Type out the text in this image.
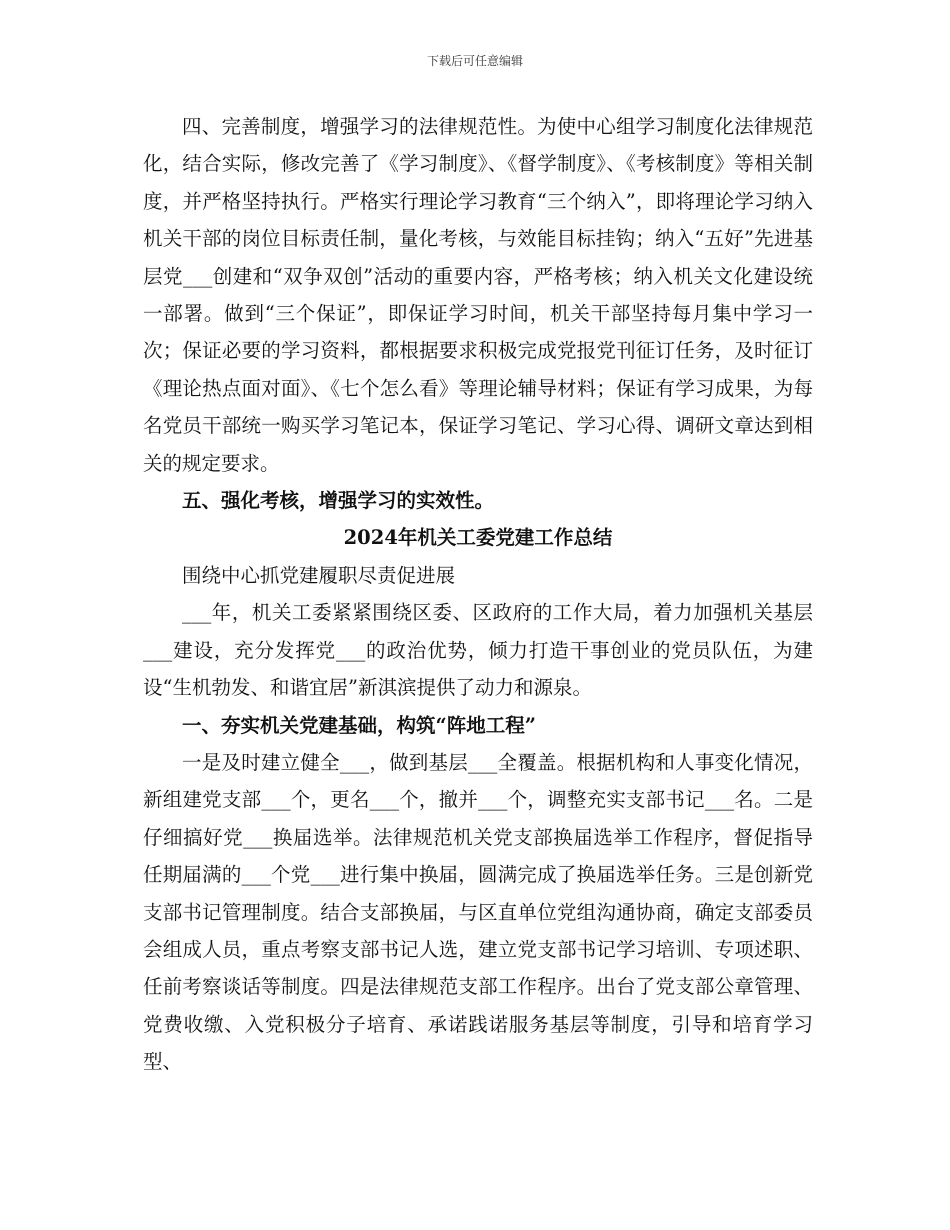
下载后可任意编辑

四、完善制度，增强学习的法律规范性。为使中心组学习制度化法律规范化，结合实际，修改完善了《学习制度》、《督学制度》、《考核制度》等相关制度，并严格坚持执行。严格实行理论学习教育“三个纳入”，即将理论学习纳入机关干部的岗位目标责任制，量化考核，与效能目标挂钩；纳入“五好”先进基层党___创建和“双争双创”活动的重要内容，严格考核；纳入机关文化建设统一部署。做到“三个保证”，即保证学习时间，机关干部坚持每月集中学习一次；保证必要的学习资料，都根据要求积极完成党报党刊征订任务，及时征订《理论热点面对面》、《七个怎么看》等理论辅导材料；保证有学习成果，为每名党员干部统一购买学习笔记本，保证学习笔记、学习心得、调研文章达到相关的规定要求。

五、强化考核，增强学习的实效性。

2024年机关工委党建工作总结

围绕中心抓党建履职尽责促进展

___年，机关工委紧紧围绕区委、区政府的工作大局，着力加强机关基层___建设，充分发挥党___的政治优势，倾力打造干事创业的党员队伍，为建设“生机勃发、和谐宜居”新淇滨提供了动力和源泉。

一、夯实机关党建基础，构筑“阵地工程”

一是及时建立健全___，做到基层___全覆盖。根据机构和人事变化情况，新组建党支部___个，更名___个，撤并___个，调整充实支部书记___名。二是仔细搞好党___换届选举。法律规范机关党支部换届选举工作程序，督促指导任期届满的___个党___进行集中换届，圆满完成了换届选举任务。三是创新党支部书记管理制度。结合支部换届，与区直单位党组沟通协商，确定支部委员会组成人员，重点考察支部书记人选，建立党支部书记学习培训、专项述职、任前考察谈话等制度。四是法律规范支部工作程序。出台了党支部公章管理、党费收缴、入党积极分子培育、承诺践诺服务基层等制度，引导和培育学习型、
